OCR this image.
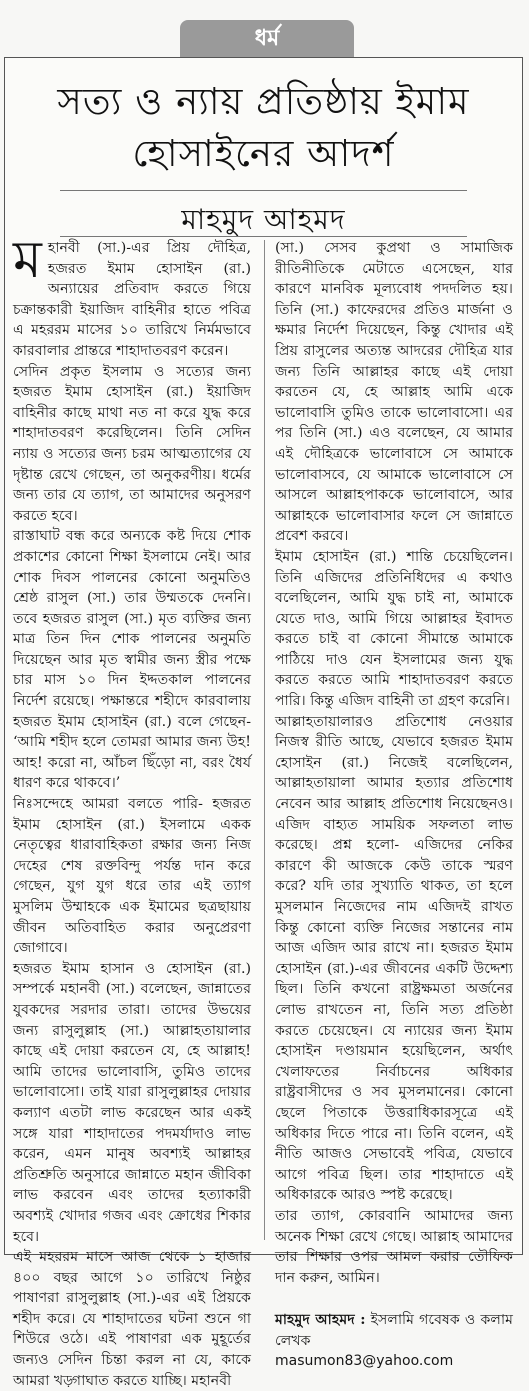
ধর্ম
সত্য ও ন্যায় প্রতিষ্ঠায় ইমাম
হোসাইনের আদর্শ
মাহমুদ আহমদ

মহানবী (সা.)-এর প্রিয় দৌহিত্র, হজরত ইমাম হোসাইন (রা.) অন্যায়ের প্রতিবাদ করতে গিয়ে চক্রান্তকারী ইয়াজিদ বাহিনীর হাতে পবিত্র এ মহররম মাসের ১০ তারিখে নির্মমভাবে কারবালার প্রান্তরে শাহাদাতবরণ করেন।

সেদিন প্রকৃত ইসলাম ও সত্যের জন্য হজরত ইমাম হোসাইন (রা.) ইয়াজিদ বাহিনীর কাছে মাথা নত না করে যুদ্ধ করে শাহাদাতবরণ করেছিলেন। তিনি সেদিন ন্যায় ও সত্যের জন্য চরম আত্মত্যাগের যে দৃষ্টান্ত রেখে গেছেন, তা অনুকরণীয়। ধর্মের জন্য তার যে ত্যাগ, তা আমাদের অনুসরণ করতে হবে।

রাস্তাঘাট বন্ধ করে অন্যকে কষ্ট দিয়ে শোক প্রকাশের কোনো শিক্ষা ইসলামে নেই। আর শোক দিবস পালনের কোনো অনুমতিও শ্রেষ্ঠ রাসুল (সা.) তার উম্মতকে দেননি। তবে হজরত রাসুল (সা.) মৃত ব্যক্তির জন্য মাত্র তিন দিন শোক পালনের অনুমতি দিয়েছেন আর মৃত স্বামীর জন্য স্ত্রীর পক্ষে চার মাস ১০ দিন ইদ্দতকাল পালনের নির্দেশ রয়েছে। পক্ষান্তরে শহীদে কারবালায় হজরত ইমাম হোসাইন (রা.) বলে গেছেন- ‘আমি শহীদ হলে তোমরা আমার জন্য উহ! আহ! করো না, আঁচল ছিঁড়ো না, বরং ধৈর্য ধারণ করে থাকবে।’

নিঃসন্দেহে আমরা বলতে পারি- হজরত ইমাম হোসাইন (রা.) ইসলামে একক নেতৃত্বের ধারাবাহিকতা রক্ষার জন্য নিজ দেহের শেষ রক্তবিন্দু পর্যন্ত দান করে গেছেন, যুগ যুগ ধরে তার এই ত্যাগ মুসলিম উম্মাহকে এক ইমামের ছত্রছায়ায় জীবন অতিবাহিত করার অনুপ্রেরণা জোগাবে।

হজরত ইমাম হাসান ও হোসাইন (রা.) সম্পর্কে মহানবী (সা.) বলেছেন, জান্নাতের যুবকদের সরদার তারা। তাদের উভয়ের জন্য রাসুলুল্লাহ (সা.) আল্লাহতায়ালার কাছে এই দোয়া করতেন যে, হে আল্লাহ! আমি তাদের ভালোবাসি, তুমিও তাদের ভালোবাসো। তাই যারা রাসুলুল্লাহর দোয়ার কল্যাণ এতটা লাভ করেছেন আর একই সঙ্গে যারা শাহাদাতের পদমর্যাদাও লাভ করেন, এমন মানুষ অবশ্যই আল্লাহর প্রতিশ্রুতি অনুসারে জান্নাতে মহান জীবিকা লাভ করবেন এবং তাদের হত্যাকারী অবশ্যই খোদার গজব এবং ক্রোধের শিকার হবে।

এই মহররম মাসে আজ থেকে ১ হাজার ৪০০ বছর আগে ১০ তারিখে নিষ্ঠুর পাষাণরা রাসুলুল্লাহ (সা.)-এর এই প্রিয়কে শহীদ করে। যে শাহাদাতের ঘটনা শুনে গা শিউরে ওঠে। এই পাষাণরা এক মুহূর্তের জন্যও সেদিন চিন্তা করল না যে, কাকে আমরা খড়্গাঘাত করতে যাচ্ছি। মহানবী

(সা.) সেসব কুপ্রথা ও সামাজিক রীতিনীতিকে মেটাতে এসেছেন, যার কারণে মানবিক মূল্যবোধ পদদলিত হয়। তিনি (সা.) কাফেরদের প্রতিও মার্জনা ও ক্ষমার নির্দেশ দিয়েছেন, কিন্তু খোদার এই প্রিয় রাসুলের অত্যন্ত আদরের দৌহিত্র যার জন্য তিনি আল্লাহর কাছে এই দোয়া করতেন যে, হে আল্লাহ আমি একে ভালোবাসি তুমিও তাকে ভালোবাসো। এর পর তিনি (সা.) এও বলেছেন, যে আমার এই দৌহিত্রকে ভালোবাসে সে আমাকে ভালোবাসবে, যে আমাকে ভালোবাসে সে আসলে আল্লাহপাককে ভালোবাসে, আর আল্লাহকে ভালোবাসার ফলে সে জান্নাতে প্রবেশ করবে।

ইমাম হোসাইন (রা.) শান্তি চেয়েছিলেন। তিনি এজিদের প্রতিনিধিদের এ কথাও বলেছিলেন, আমি যুদ্ধ চাই না, আমাকে যেতে দাও, আমি গিয়ে আল্লাহর ইবাদত করতে চাই বা কোনো সীমান্তে আমাকে পাঠিয়ে দাও যেন ইসলামের জন্য যুদ্ধ করতে করতে আমি শাহাদাতবরণ করতে পারি। কিন্তু এজিদ বাহিনী তা গ্রহণ করেনি।

আল্লাহতায়ালারও প্রতিশোধ নেওয়ার নিজস্ব রীতি আছে, যেভাবে হজরত ইমাম হোসাইন (রা.) নিজেই বলেছিলেন, আল্লাহতায়ালা আমার হত্যার প্রতিশোধ নেবেন আর আল্লাহ প্রতিশোধ নিয়েছেনও। এজিদ বাহ্যত সাময়িক সফলতা লাভ করেছে। প্রশ্ন হলো- এজিদের নেকির কারণে কী আজকে কেউ তাকে স্মরণ করে? যদি তার সুখ্যাতি থাকত, তা হলে মুসলমান নিজেদের নাম এজিদই রাখত কিন্তু কোনো ব্যক্তি নিজের সন্তানের নাম আজ এজিদ আর রাখে না। হজরত ইমাম হোসাইন (রা.)-এর জীবনের একটি উদ্দেশ্য ছিল। তিনি কখনো রাষ্ট্রক্ষমতা অর্জনের লোভ রাখতেন না, তিনি সত্য প্রতিষ্ঠা করতে চেয়েছেন। যে ন্যায়ের জন্য ইমাম হোসাইন দণ্ডায়মান হয়েছিলেন, অর্থাৎ খেলাফতের নির্বাচনের অধিকার রাষ্ট্রবাসীদের ও সব মুসলমানের। কোনো ছেলে পিতাকে উত্তরাধিকারসূত্রে এই অধিকার দিতে পারে না। তিনি বলেন, এই নীতি আজও সেভাবেই পবিত্র, যেভাবে আগে পবিত্র ছিল। তার শাহাদাতে এই অধিকারকে আরও স্পষ্ট করেছে।

তার ত্যাগ, কোরবানি আমাদের জন্য অনেক শিক্ষা রেখে গেছে। আল্লাহ আমাদের তার শিক্ষার ওপর আমল করার তৌফিক দান করুন, আমিন।

মাহমুদ আহমদ : ইসলামি গবেষক ও কলাম লেখক

masumon83@yahoo.com
